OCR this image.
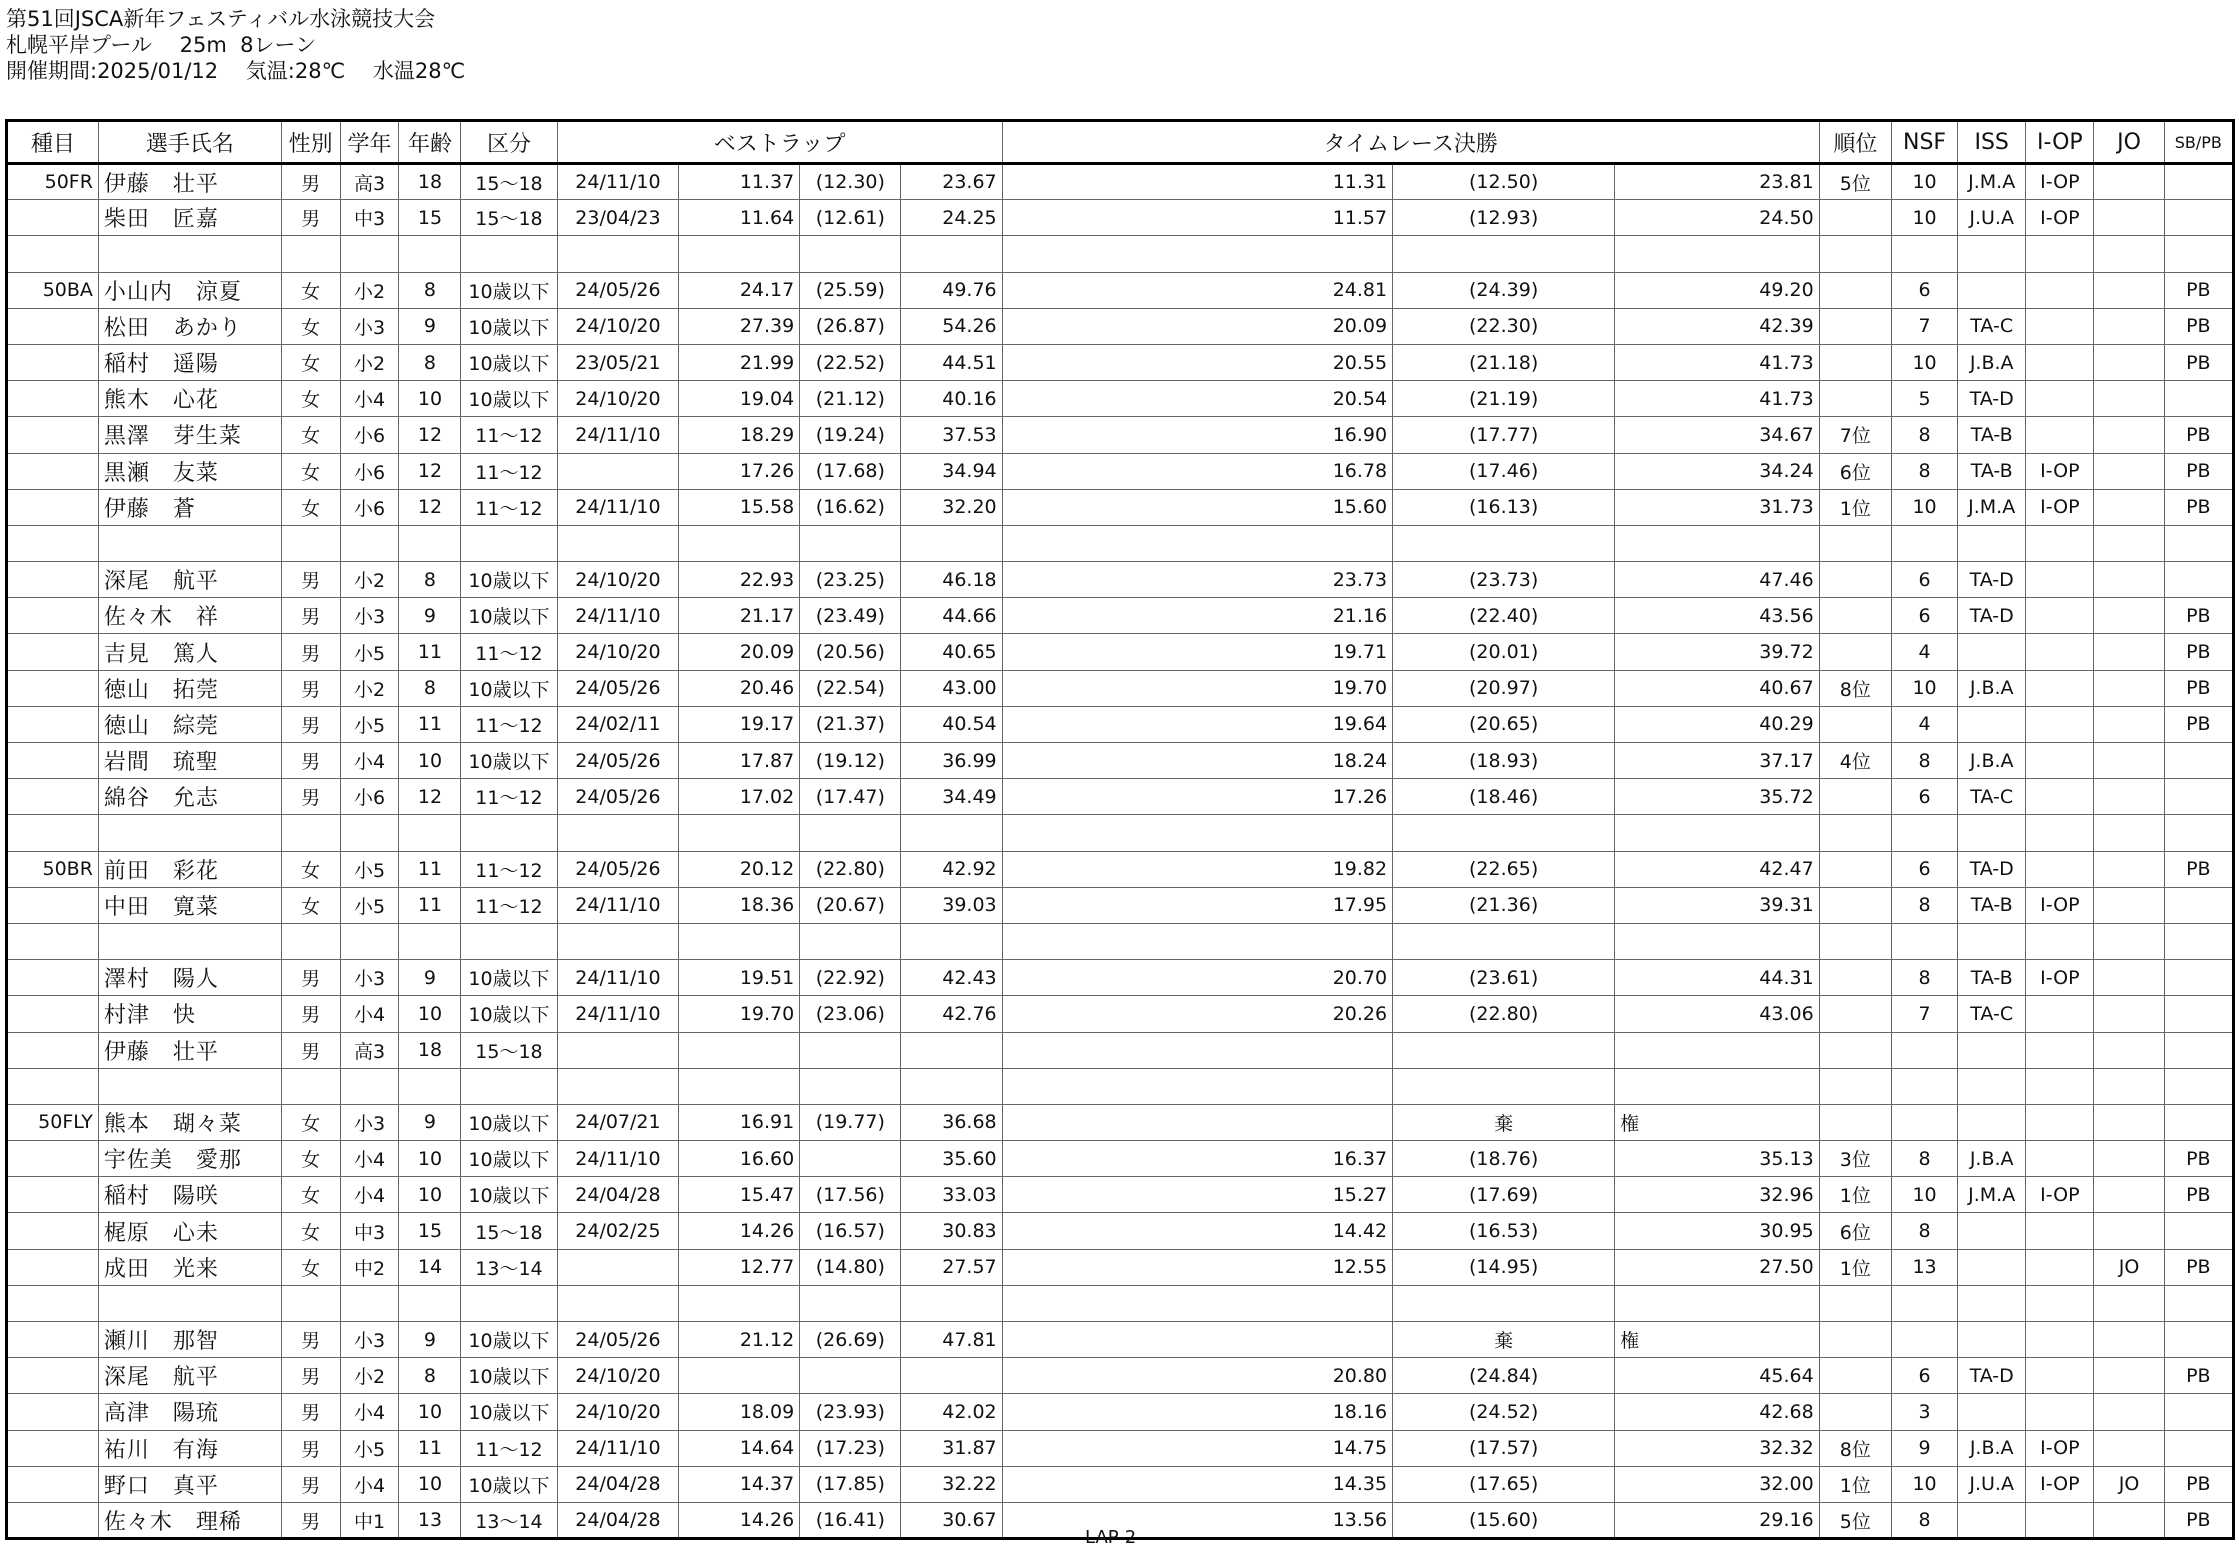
第51回JSCA新年フェスティバル水泳競技大会
札幌平岸プール　 25m  8レーン
開催期間:2025/01/12　 気温:28℃　 水温28℃
種目	選手氏名	性別	学年	年齢	区分	ベストラップ				タイムレース決勝			順位	NSF	ISS	I-OP	JO	SB/PB
50FR	伊藤　壮平	男	高3	18	15～18	24/11/10	11.37	(12.30)	23.67	11.31	(12.50)	23.81	5位	10	J.M.A	I-OP		
	柴田　匠嘉	男	中3	15	15～18	23/04/23	11.64	(12.61)	24.25	11.57	(12.93)	24.50		10	J.U.A	I-OP		

50BA	小山内　涼夏	女	小2	8	10歳以下	24/05/26	24.17	(25.59)	49.76	24.81	(24.39)	49.20		6				PB
	松田　あかり	女	小3	9	10歳以下	24/10/20	27.39	(26.87)	54.26	20.09	(22.30)	42.39		7	TA-C			PB
	稲村　遥陽	女	小2	8	10歳以下	23/05/21	21.99	(22.52)	44.51	20.55	(21.18)	41.73		10	J.B.A			PB
	熊木　心花	女	小4	10	10歳以下	24/10/20	19.04	(21.12)	40.16	20.54	(21.19)	41.73		5	TA-D			
	黒澤　芽生菜	女	小6	12	11～12	24/11/10	18.29	(19.24)	37.53	16.90	(17.77)	34.67	7位	8	TA-B			PB
	黒瀬　友菜	女	小6	12	11～12		17.26	(17.68)	34.94	16.78	(17.46)	34.24	6位	8	TA-B	I-OP		PB
	伊藤　蒼	女	小6	12	11～12	24/11/10	15.58	(16.62)	32.20	15.60	(16.13)	31.73	1位	10	J.M.A	I-OP		PB

	深尾　航平	男	小2	8	10歳以下	24/10/20	22.93	(23.25)	46.18	23.73	(23.73)	47.46		6	TA-D			
	佐々木　祥	男	小3	9	10歳以下	24/11/10	21.17	(23.49)	44.66	21.16	(22.40)	43.56		6	TA-D			PB
	吉見　篤人	男	小5	11	11～12	24/10/20	20.09	(20.56)	40.65	19.71	(20.01)	39.72		4				PB
	徳山　拓莞	男	小2	8	10歳以下	24/05/26	20.46	(22.54)	43.00	19.70	(20.97)	40.67	8位	10	J.B.A			PB
	徳山　綜莞	男	小5	11	11～12	24/02/11	19.17	(21.37)	40.54	19.64	(20.65)	40.29		4				PB
	岩間　琉聖	男	小4	10	10歳以下	24/05/26	17.87	(19.12)	36.99	18.24	(18.93)	37.17	4位	8	J.B.A			
	綿谷　允志	男	小6	12	11～12	24/05/26	17.02	(17.47)	34.49	17.26	(18.46)	35.72		6	TA-C			

50BR	前田　彩花	女	小5	11	11～12	24/05/26	20.12	(22.80)	42.92	19.82	(22.65)	42.47		6	TA-D			PB
	中田　寛菜	女	小5	11	11～12	24/11/10	18.36	(20.67)	39.03	17.95	(21.36)	39.31		8	TA-B	I-OP		

	澤村　陽人	男	小3	9	10歳以下	24/11/10	19.51	(22.92)	42.43	20.70	(23.61)	44.31		8	TA-B	I-OP		
	村津　快	男	小4	10	10歳以下	24/11/10	19.70	(23.06)	42.76	20.26	(22.80)	43.06		7	TA-C			
	伊藤　壮平	男	高3	18	15～18													

50FLY	熊本　瑚々菜	女	小3	9	10歳以下	24/07/21	16.91	(19.77)	36.68		棄	権						
	宇佐美　愛那	女	小4	10	10歳以下	24/11/10	16.60		35.60	16.37	(18.76)	35.13	3位	8	J.B.A			PB
	稲村　陽咲	女	小4	10	10歳以下	24/04/28	15.47	(17.56)	33.03	15.27	(17.69)	32.96	1位	10	J.M.A	I-OP		PB
	梶原　心未	女	中3	15	15～18	24/02/25	14.26	(16.57)	30.83	14.42	(16.53)	30.95	6位	8				
	成田　光来	女	中2	14	13～14		12.77	(14.80)	27.57	12.55	(14.95)	27.50	1位	13			JO	PB

	瀬川　那智	男	小3	9	10歳以下	24/05/26	21.12	(26.69)	47.81		棄	権						
	深尾　航平	男	小2	8	10歳以下	24/10/20				20.80	(24.84)	45.64		6	TA-D			PB
	高津　陽琉	男	小4	10	10歳以下	24/10/20	18.09	(23.93)	42.02	18.16	(24.52)	42.68		3				
	祐川　有海	男	小5	11	11～12	24/11/10	14.64	(17.23)	31.87	14.75	(17.57)	32.32	8位	9	J.B.A	I-OP		
	野口　真平	男	小4	10	10歳以下	24/04/28	14.37	(17.85)	32.22	14.35	(17.65)	32.00	1位	10	J.U.A	I-OP	JO	PB
	佐々木　理稀	男	中1	13	13～14	24/04/28	14.26	(16.41)	30.67	13.56	(15.60)	29.16	5位	8				PB
LAP-2
